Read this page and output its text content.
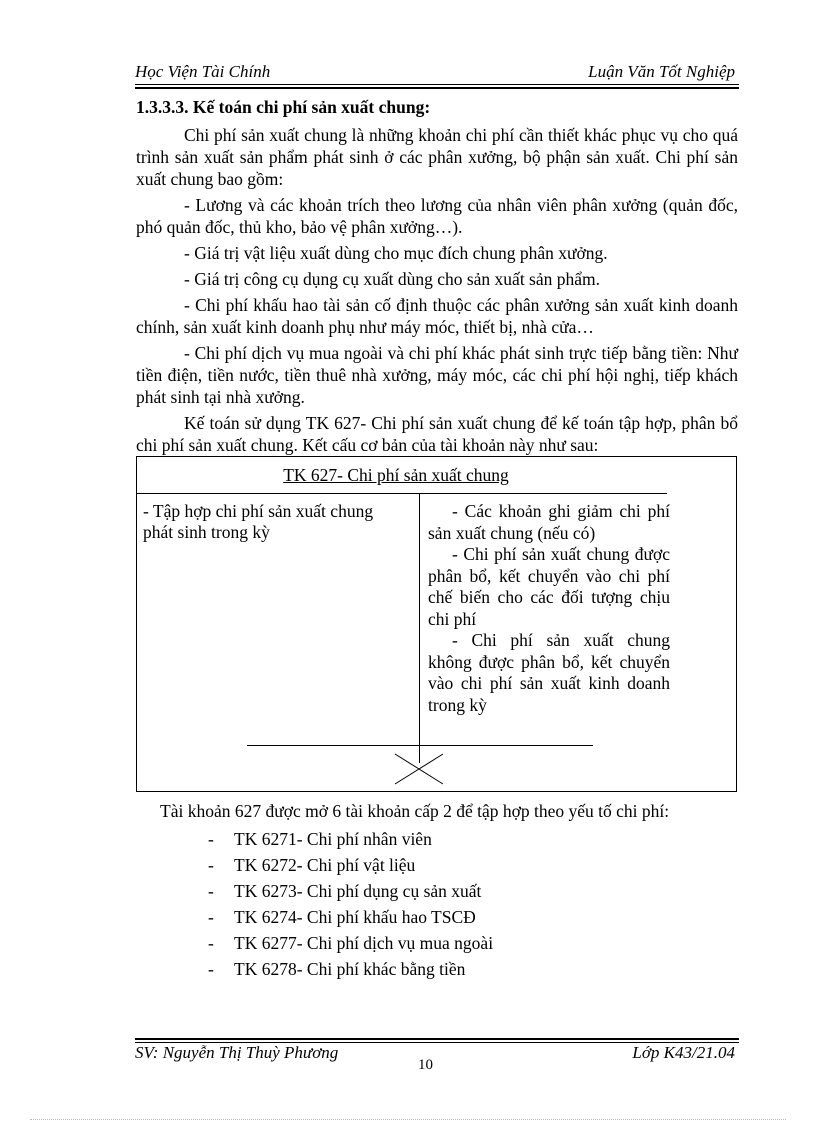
Học Viện Tài Chính	Luận Văn Tốt Nghiệp

1.3.3.3. Kế toán chi phí sản xuất chung:

Chi phí sản xuất chung là những khoản chi phí cần thiết khác phục vụ cho quá trình sản xuất sản phẩm phát sinh ở các phân xưởng, bộ phận sản xuất. Chi phí sản xuất chung bao gồm:

- Lương và các khoản trích theo lương của nhân viên phân xưởng (quản đốc, phó quản đốc, thủ kho, bảo vệ phân xưởng…).

- Giá trị vật liệu xuất dùng cho mục đích chung phân xưởng.

- Giá trị công cụ dụng cụ xuất dùng cho sản xuất sản phẩm.

- Chi phí khấu hao tài sản cố định thuộc các phân xưởng sản xuất kinh doanh chính, sản xuất kinh doanh phụ như máy móc, thiết bị, nhà cửa…

- Chi phí dịch vụ mua ngoài và chi phí khác phát sinh trực tiếp bằng tiền: Như tiền điện, tiền nước, tiền thuê nhà xưởng, máy móc, các chi phí hội nghị, tiếp khách phát sinh tại nhà xưởng.

Kế toán sử dụng TK 627- Chi phí sản xuất chung để kế toán tập hợp, phân bổ chi phí sản xuất chung. Kết cấu cơ bản của tài khoản này như sau:

TK 627- Chi phí sản xuất chung
- Tập hợp chi phí sản xuất chung phát sinh trong kỳ

- Các khoản ghi giảm chi phí sản xuất chung (nếu có)

- Chi phí sản xuất chung được phân bổ, kết chuyển vào chi phí chế biến cho các đối tượng chịu chi phí

- Chi phí sản xuất chung không được phân bổ, kết chuyển vào chi phí sản xuất kinh doanh trong kỳ

Tài khoản 627 được mở 6 tài khoản cấp 2 để tập hợp theo yếu tố chi phí:

- TK 6271- Chi phí nhân viên
- TK 6272- Chi phí vật liệu
- TK 6273- Chi phí dụng cụ sản xuất
- TK 6274- Chi phí khấu hao TSCĐ
- TK 6277- Chi phí dịch vụ mua ngoài
- TK 6278- Chi phí khác bằng tiền
SV: Nguyễn Thị Thuỳ Phương	Lớp K43/21.04
10
